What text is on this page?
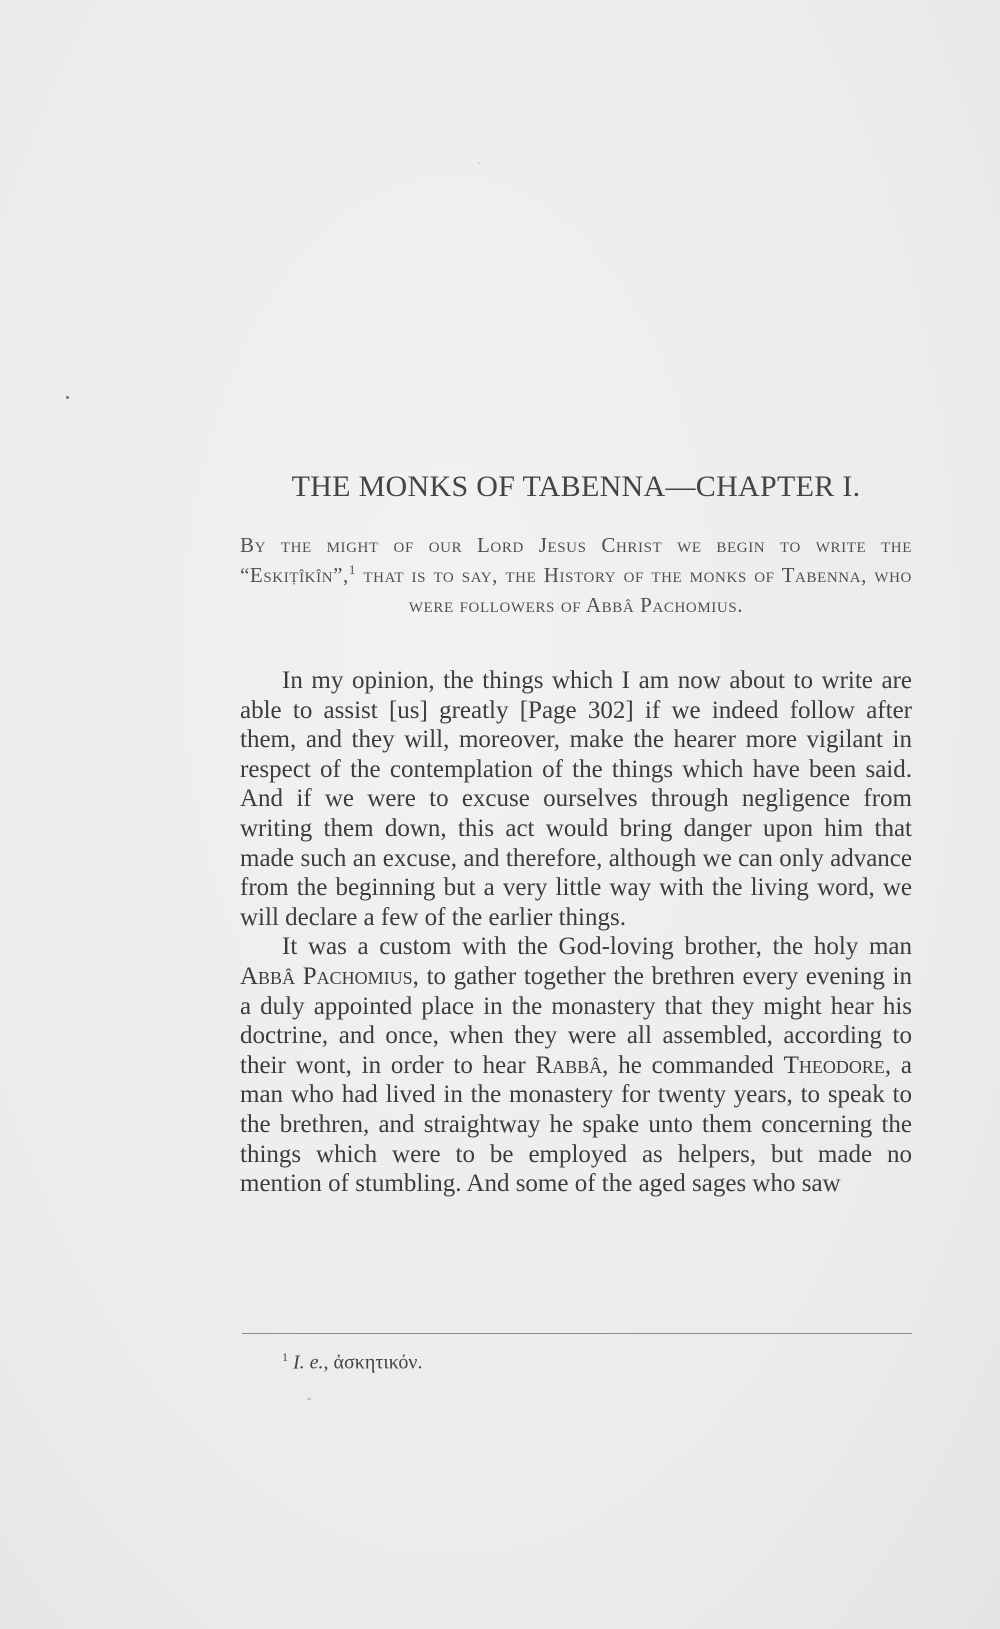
THE MONKS OF TABENNA—CHAPTER I.

By the might of our Lord Jesus Christ we begin to write the “Eskiṭîkîn”,$^1$ that is to say, the History of the monks of Tabenna, who were followers of Abbâ Pachomius.

In my opinion, the things which I am now about to write are able to assist [us] greatly [Page 302] if we indeed follow after them, and they will, moreover, make the hearer more vigilant in respect of the contemplation of the things which have been said. And if we were to excuse ourselves through negligence from writing them down, this act would bring danger upon him that made such an excuse, and therefore, although we can only advance from the beginning but a very little way with the living word, we will declare a few of the earlier things.

It was a custom with the God-loving brother, the holy man Abbâ Pachomius, to gather together the brethren every evening in a duly appointed place in the monastery that they might hear his doctrine, and once, when they were all assembled, according to their wont, in order to hear Rabbâ, he commanded Theodore, a man who had lived in the monastery for twenty years, to speak to the brethren, and straightway he spake unto them concerning the things which were to be employed as helpers, but made no mention of stumbling. And some of the aged sages who saw

$^1$ I. e., ἀσκητικόν.
